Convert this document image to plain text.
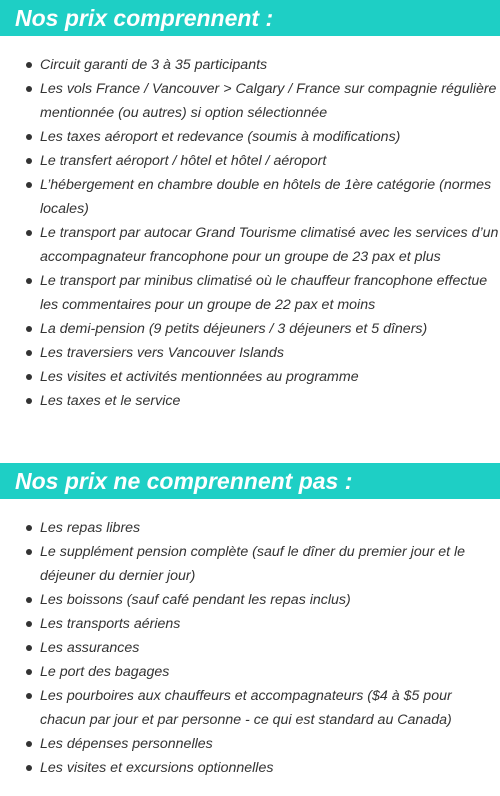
Nos prix comprennent :
Circuit garanti de 3 à 35 participants
Les vols France / Vancouver > Calgary / France sur compagnie régulière mentionnée (ou autres) si option sélectionnée
Les taxes aéroport et redevance (soumis à modifications)
Le transfert aéroport / hôtel et hôtel / aéroport
L’hébergement en chambre double en hôtels de 1ère catégorie (normes locales)
Le transport par autocar Grand Tourisme climatisé avec les services d’un accompagnateur francophone pour un groupe de 23 pax et plus
Le transport par minibus climatisé où le chauffeur francophone effectue les commentaires pour un groupe de 22 pax et moins
La demi-pension (9 petits déjeuners / 3 déjeuners et 5 dîners)
Les traversiers vers Vancouver Islands
Les visites et activités mentionnées au programme
Les taxes et le service
Nos prix ne comprennent pas :
Les repas libres
Le supplément pension complète (sauf le dîner du premier jour et le déjeuner du dernier jour)
Les boissons (sauf café pendant les repas inclus)
Les transports aériens
Les assurances
Le port des bagages
Les pourboires aux chauffeurs et accompagnateurs ($4 à $5 pour chacun par jour et par personne - ce qui est standard au Canada)
Les dépenses personnelles
Les visites et excursions optionnelles
